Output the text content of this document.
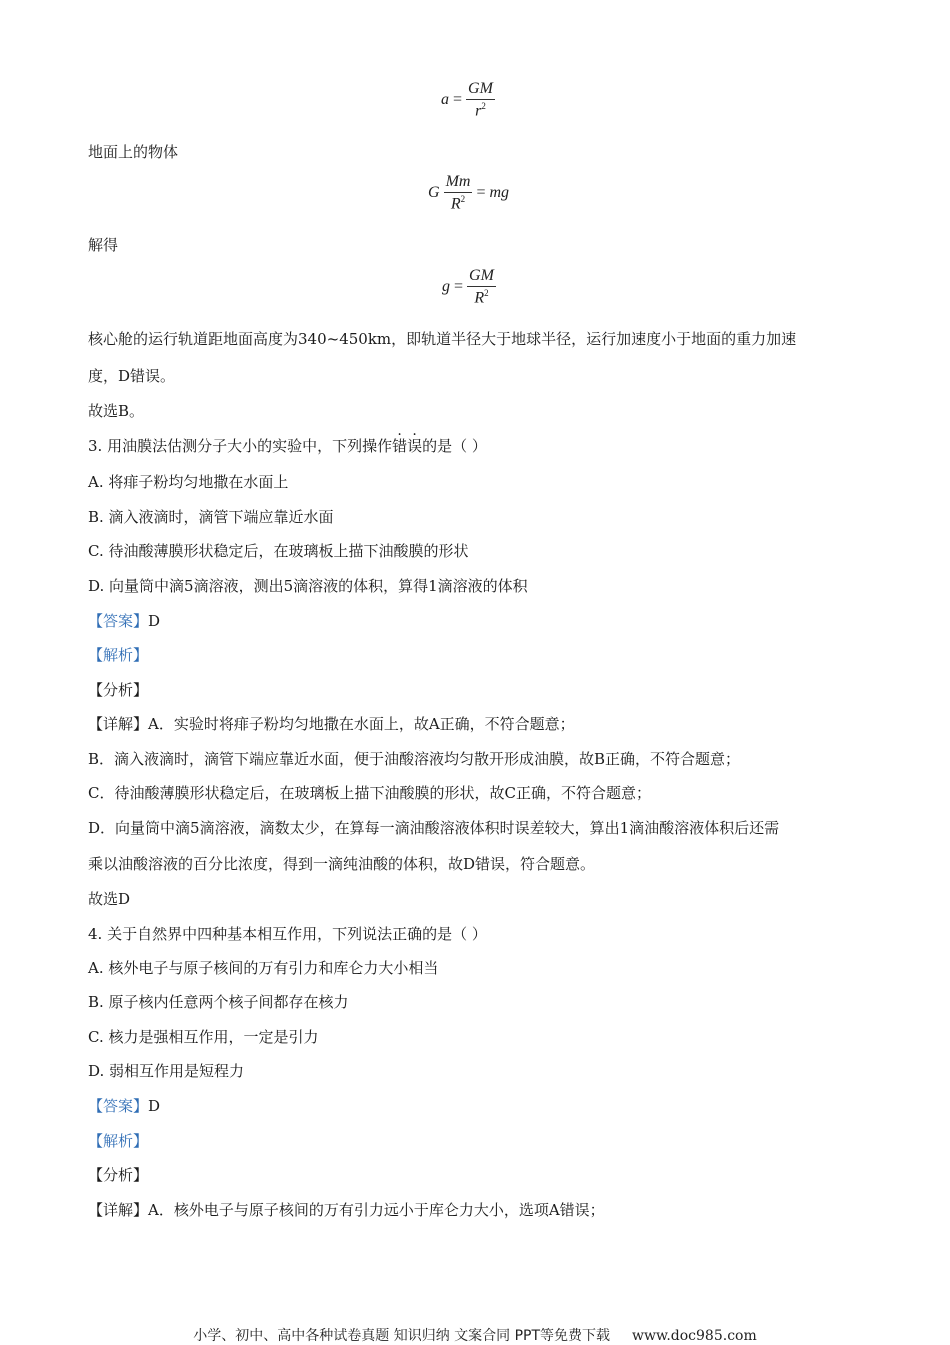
$a = \frac{GM}{r^2}$
地面上的物体
G $\frac{Mm}{R^2}$ = mg
解得
$g = \frac{GM}{R^2}$
核心舱的运行轨道距地面高度为340~450km，即轨道半径大于地球半径，运行加速度小于地面的重力加速
度，D错误。
故选B。
3. 用油膜法估测分子大小的实验中，下列操作错误的是（ ）
A. 将痱子粉均匀地撒在水面上
B. 滴入液滴时，滴管下端应靠近水面
C. 待油酸薄膜形状稳定后，在玻璃板上描下油酸膜的形状
D. 向量筒中滴5滴溶液，测出5滴溶液的体积，算得1滴溶液的体积
【答案】D
【解析】
【分析】
【详解】A．实验时将痱子粉均匀地撒在水面上，故A正确，不符合题意；
B．滴入液滴时，滴管下端应靠近水面，便于油酸溶液均匀散开形成油膜，故B正确，不符合题意；
C．待油酸薄膜形状稳定后，在玻璃板上描下油酸膜的形状，故C正确，不符合题意；
D．向量筒中滴5滴溶液，滴数太少，在算每一滴油酸溶液体积时误差较大，算出1滴油酸溶液体积后还需
乘以油酸溶液的百分比浓度，得到一滴纯油酸的体积，故D错误，符合题意。
故选D
4. 关于自然界中四种基本相互作用，下列说法正确的是（ ）
A. 核外电子与原子核间的万有引力和库仑力大小相当
B. 原子核内任意两个核子间都存在核力
C. 核力是强相互作用，一定是引力
D. 弱相互作用是短程力
【答案】D
【解析】
【分析】
【详解】A．核外电子与原子核间的万有引力远小于库仑力大小，选项A错误；
小学、初中、高中各种试卷真题 知识归纳 文案合同 PPT等免费下载 www.doc985.com
